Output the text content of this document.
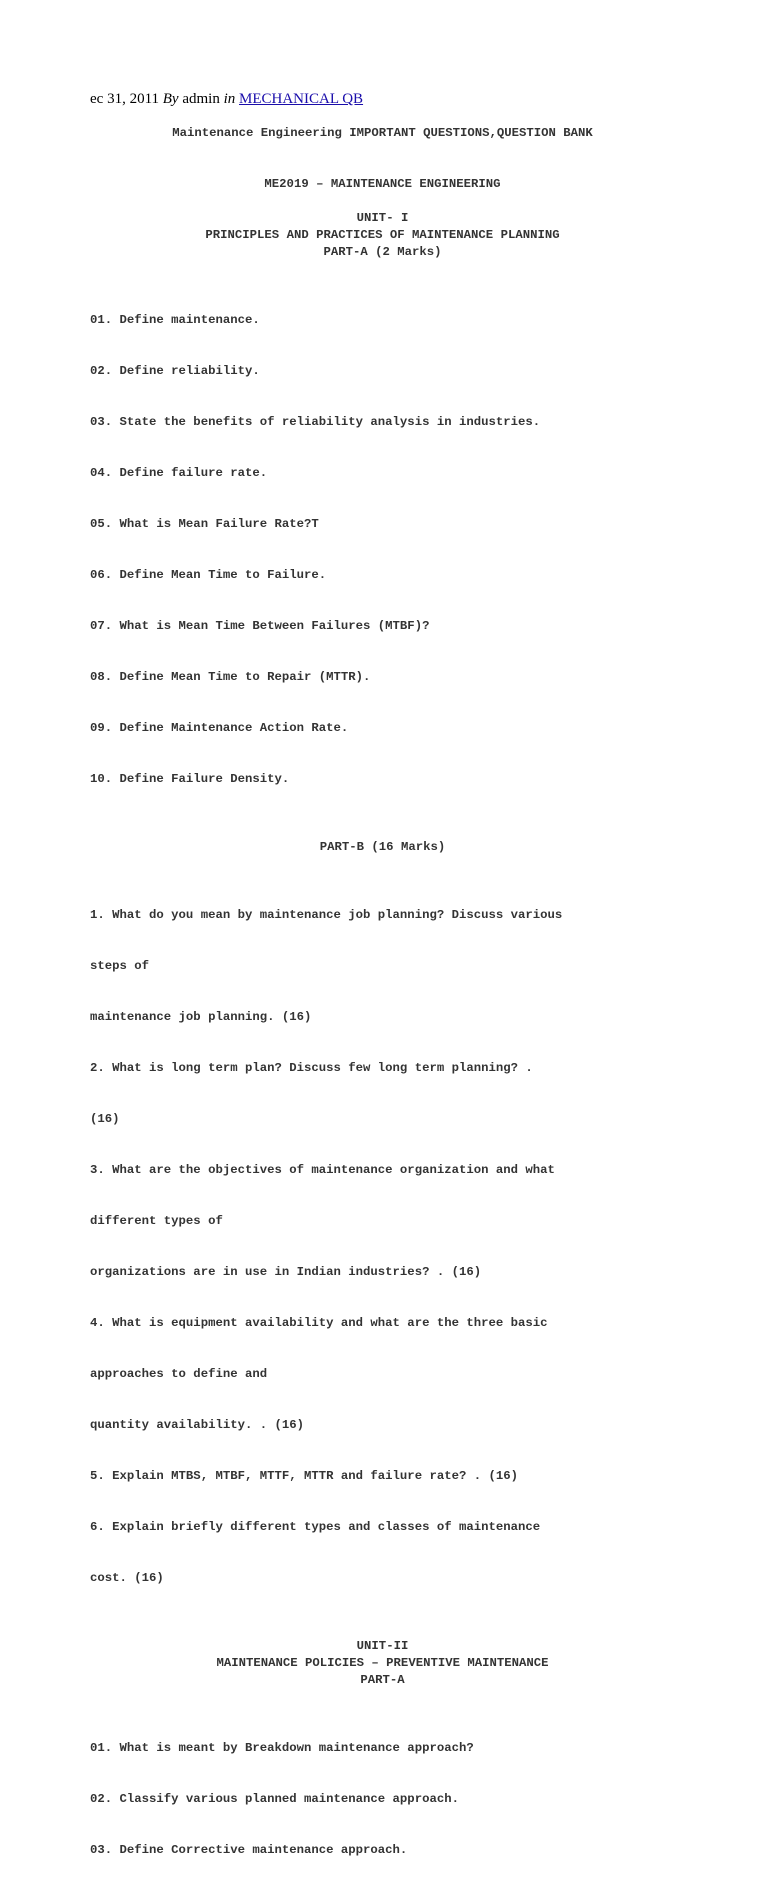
ec 31, 2011 By admin in MECHANICAL QB
Maintenance Engineering IMPORTANT QUESTIONS,QUESTION BANK
ME2019 – MAINTENANCE ENGINEERING
UNIT- I
PRINCIPLES AND PRACTICES OF MAINTENANCE PLANNING
PART-A (2 Marks)

01. Define maintenance.

02. Define reliability.

03. State the benefits of reliability analysis in industries.

04. Define failure rate.

05. What is Mean Failure Rate?T

06. Define Mean Time to Failure.

07. What is Mean Time Between Failures (MTBF)?

08. Define Mean Time to Repair (MTTR).

09. Define Maintenance Action Rate.

10. Define Failure Density.

PART-B (16 Marks)

1. What do you mean by maintenance job planning? Discuss various

steps of

maintenance job planning. (16)

2. What is long term plan? Discuss few long term planning? .

(16)

3. What are the objectives of maintenance organization and what

different types of

organizations are in use in Indian industries? . (16)

4. What is equipment availability and what are the three basic

approaches to define and

quantity availability. . (16)

5. Explain MTBS, MTBF, MTTF, MTTR and failure rate? . (16)

6. Explain briefly different types and classes of maintenance

cost. (16)

UNIT-II
MAINTENANCE POLICIES – PREVENTIVE MAINTENANCE
PART-A

01. What is meant by Breakdown maintenance approach?

02. Classify various planned maintenance approach.

03. Define Corrective maintenance approach.
